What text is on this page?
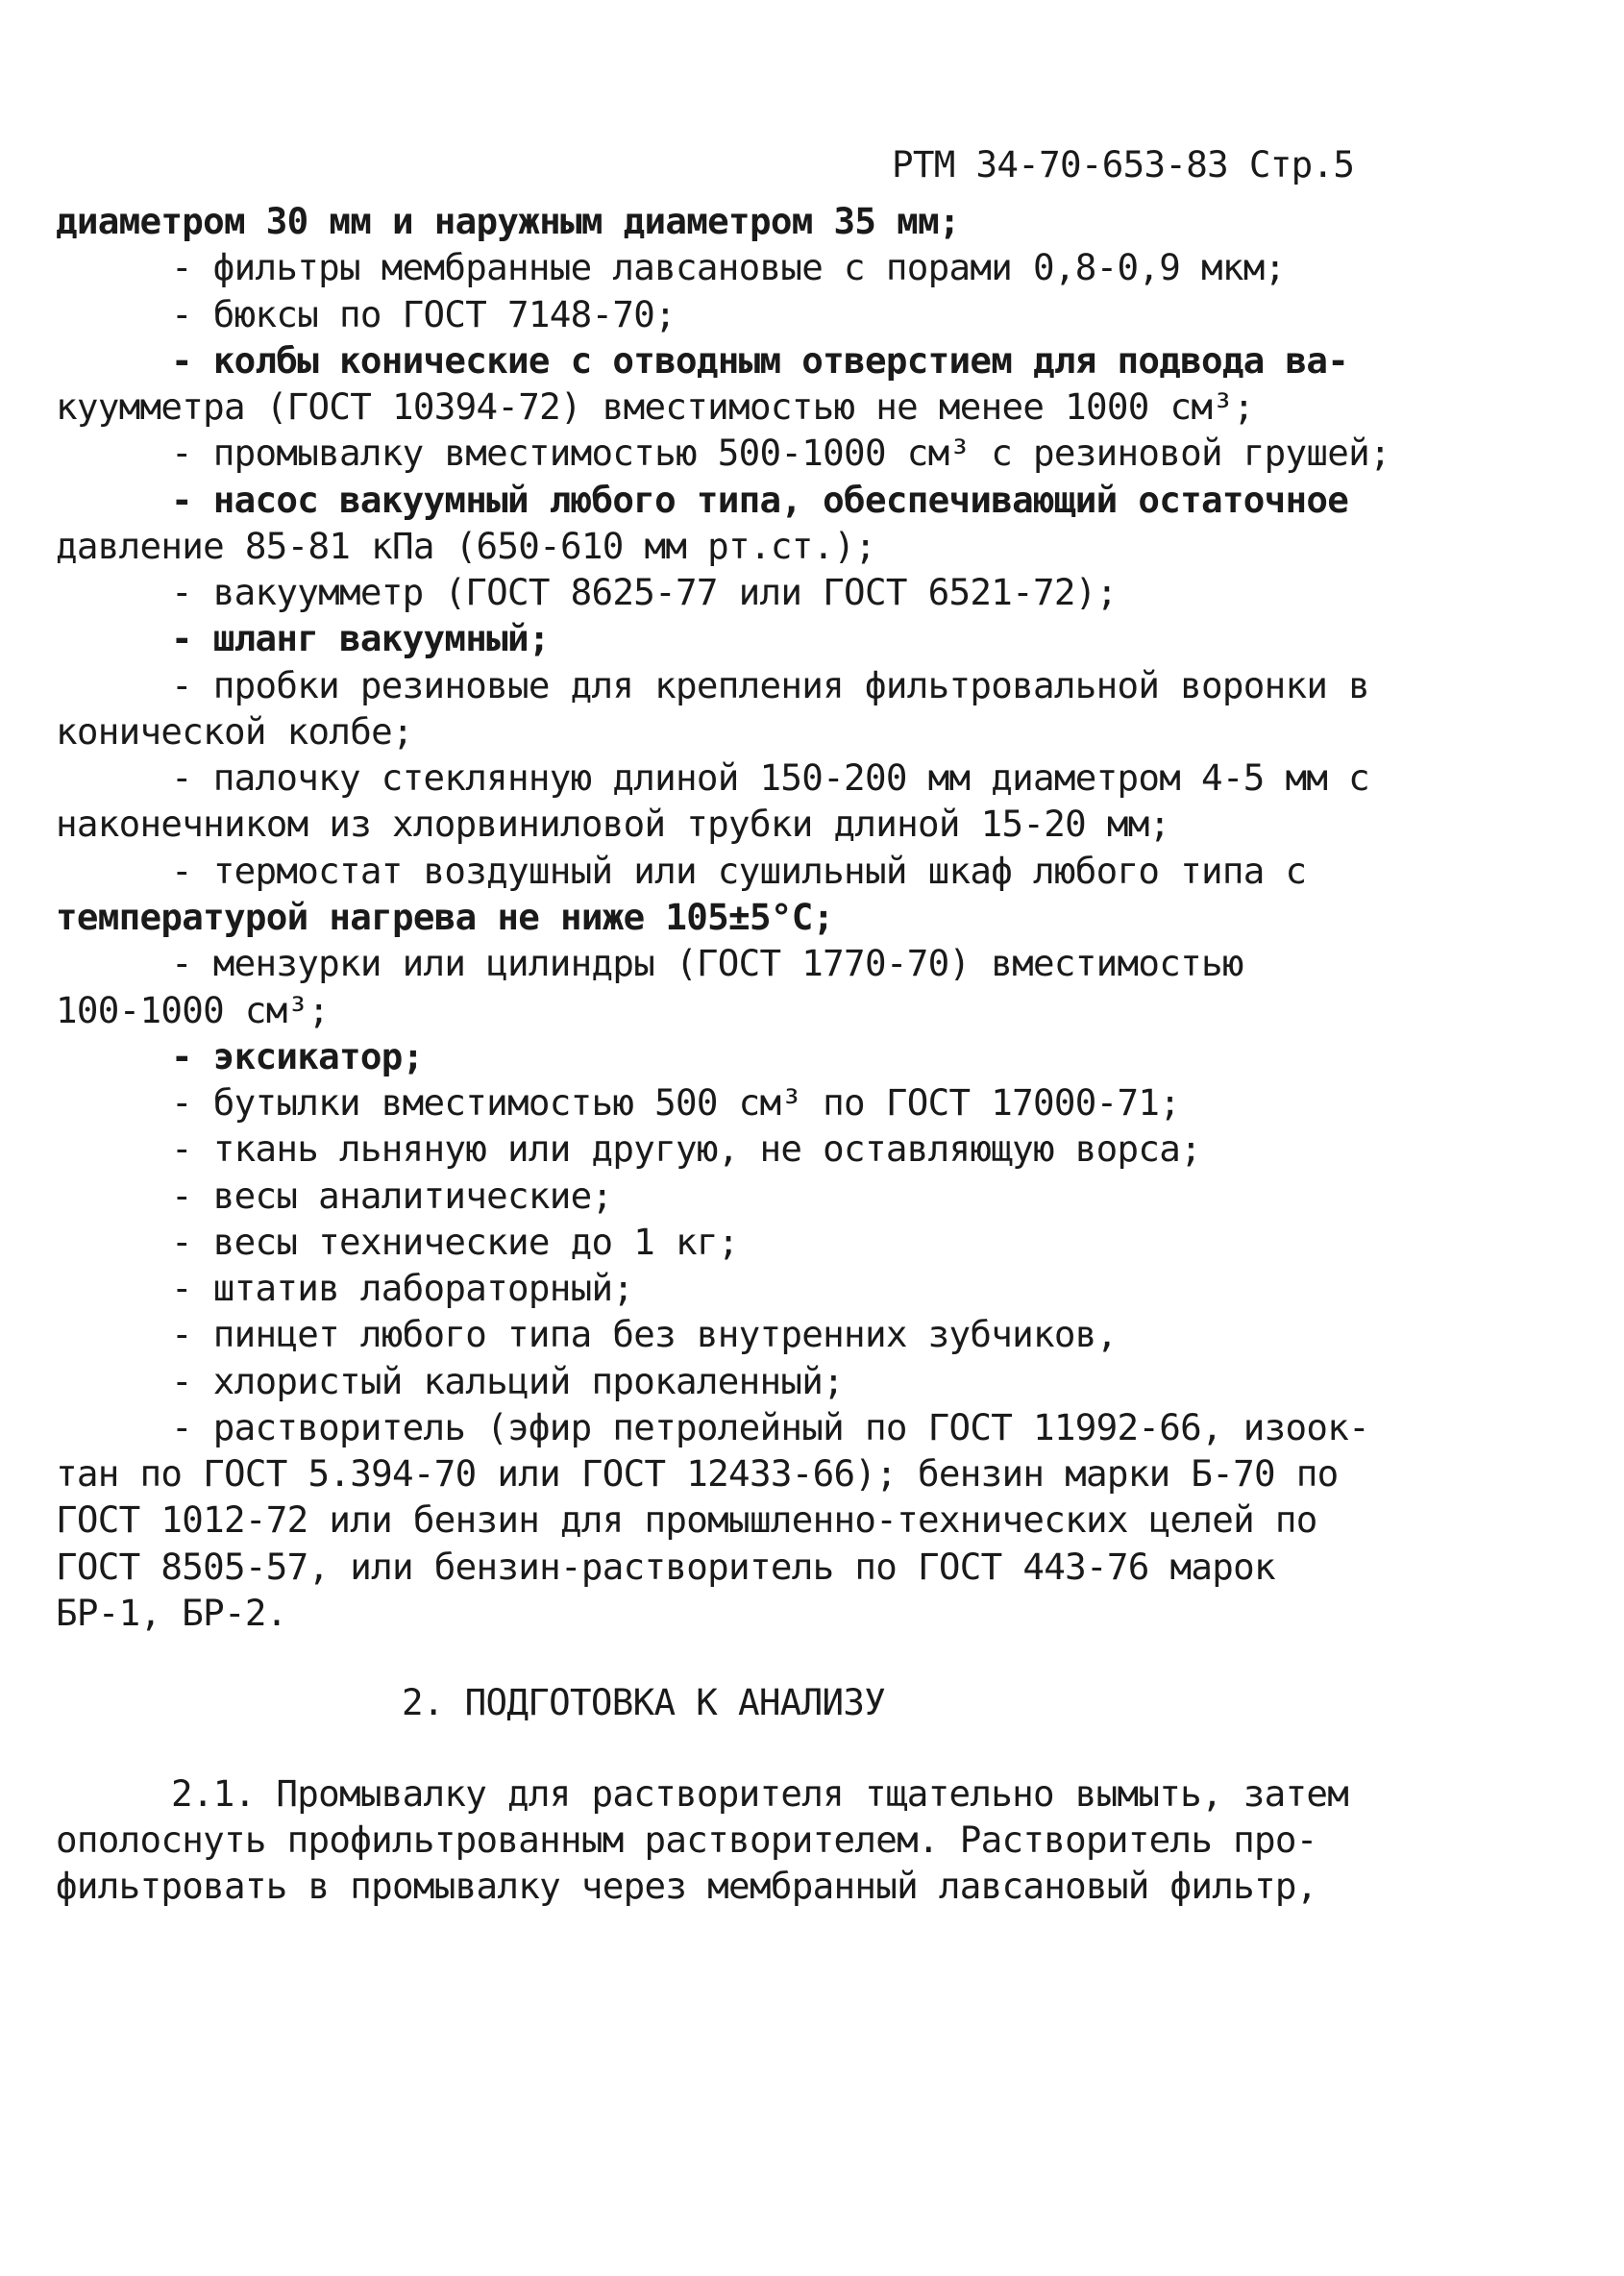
РТМ 34-70-653-83 Стр.5
диаметром 30 мм и наружным диаметром 35 мм;
- фильтры мембранные лавсановые с порами 0,8-0,9 мкм;
- бюксы по ГОСТ 7148-70;
- колбы конические с отводным отверстием для подвода ва-
куумметра (ГОСТ 10394-72) вместимостью не менее 1000 см³;
- промывалку вместимостью 500-1000 см³ с резиновой грушей;
- насос вакуумный любого типа, обеспечивающий остаточное
давление 85-81 кПа (650-610 мм рт.ст.);
- вакуумметр (ГОСТ 8625-77 или ГОСТ 6521-72);
- шланг вакуумный;
- пробки резиновые для крепления фильтровальной воронки в
конической колбе;
- палочку стеклянную длиной 150-200 мм диаметром 4-5 мм с
наконечником из хлорвиниловой трубки длиной 15-20 мм;
- термостат воздушный или сушильный шкаф любого типа с
температурой нагрева не ниже 105±5°С;
- мензурки или цилиндры (ГОСТ 1770-70) вместимостью
100-1000 см³;
- эксикатор;
- бутылки вместимостью 500 см³ по ГОСТ 17000-71;
- ткань льняную или другую, не оставляющую ворса;
- весы аналитические;
- весы технические до 1 кг;
- штатив лабораторный;
- пинцет любого типа без внутренних зубчиков,
- хлористый кальций прокаленный;
- растворитель (эфир петролейный по ГОСТ 11992-66, изоок-
тан по ГОСТ 5.394-70 или ГОСТ 12433-66); бензин марки Б-70 по
ГОСТ 1012-72 или бензин для промышленно-технических целей по
ГОСТ 8505-57, или бензин-растворитель по ГОСТ 443-76 марок
БР-1, БР-2.
2. ПОДГОТОВКА К АНАЛИЗУ
2.1. Промывалку для растворителя тщательно вымыть, затем
ополоснуть профильтрованным растворителем. Растворитель про-
фильтровать в промывалку через мембранный лавсановый фильтр,
